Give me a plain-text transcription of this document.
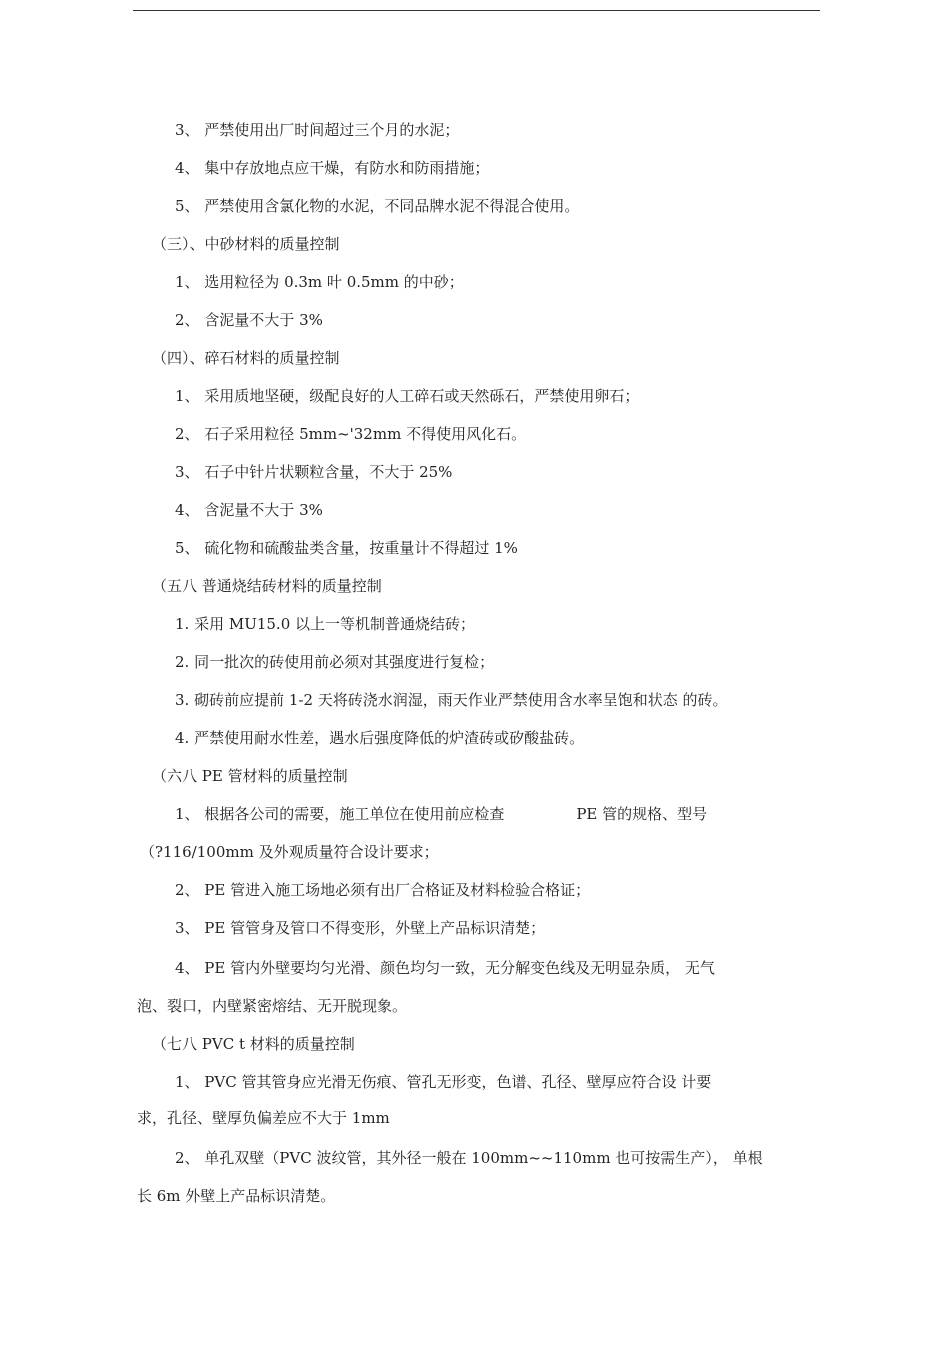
3、 严禁使用出厂时间超过三个月的水泥；

4、 集中存放地点应干燥，有防水和防雨措施；

5、 严禁使用含氯化物的水泥，不同品牌水泥不得混合使用。

（三）、中砂材料的质量控制

1、 选用粒径为 0.3m 叶 0.5mm 的中砂；

2、 含泥量不大于 3%

（四）、碎石材料的质量控制

1、 采用质地坚硬，级配良好的人工碎石或天然砾石，严禁使用卵石；

2、 石子采用粒径 5mm~'32mm 不得使用风化石。

3、 石子中针片状颗粒含量，不大于 25%

4、 含泥量不大于 3%

5、 硫化物和硫酸盐类含量，按重量计不得超过 1%

（五八 普通烧结砖材料的质量控制

1. 采用 MU15.0 以上一等机制普通烧结砖；

2. 同一批次的砖使用前必须对其强度进行复检；

3. 砌砖前应提前 1-2 天将砖浇水润湿，雨天作业严禁使用含水率呈饱和状态 的砖。

4. 严禁使用耐水性差，遇水后强度降低的炉渣砖或矽酸盐砖。

（六八 PE 管材料的质量控制

1、 根据各公司的需要，施工单位在使用前应检查	PE 管的规格、型号

（?116/100mm 及外观质量符合设计要求；

2、 PE 管进入施工场地必须有出厂合格证及材料检验合格证；

3、 PE 管管身及管口不得变形，外壁上产品标识清楚；

4、 PE 管内外壁要均匀光滑、颜色均匀一致，无分解变色线及无明显杂质， 无气

泡、裂口，内壁紧密熔结、无开脱现象。

（七八 PVC t 材料的质量控制

1、 PVC 管其管身应光滑无伤痕、管孔无形变，色谱、孔径、壁厚应符合设 计要

求，孔径、壁厚负偏差应不大于 1mm

2、 单孔双壁（PVC 波纹管，其外径一般在 100mm~~110mm 也可按需生产）， 单根

长 6m 外壁上产品标识清楚。
